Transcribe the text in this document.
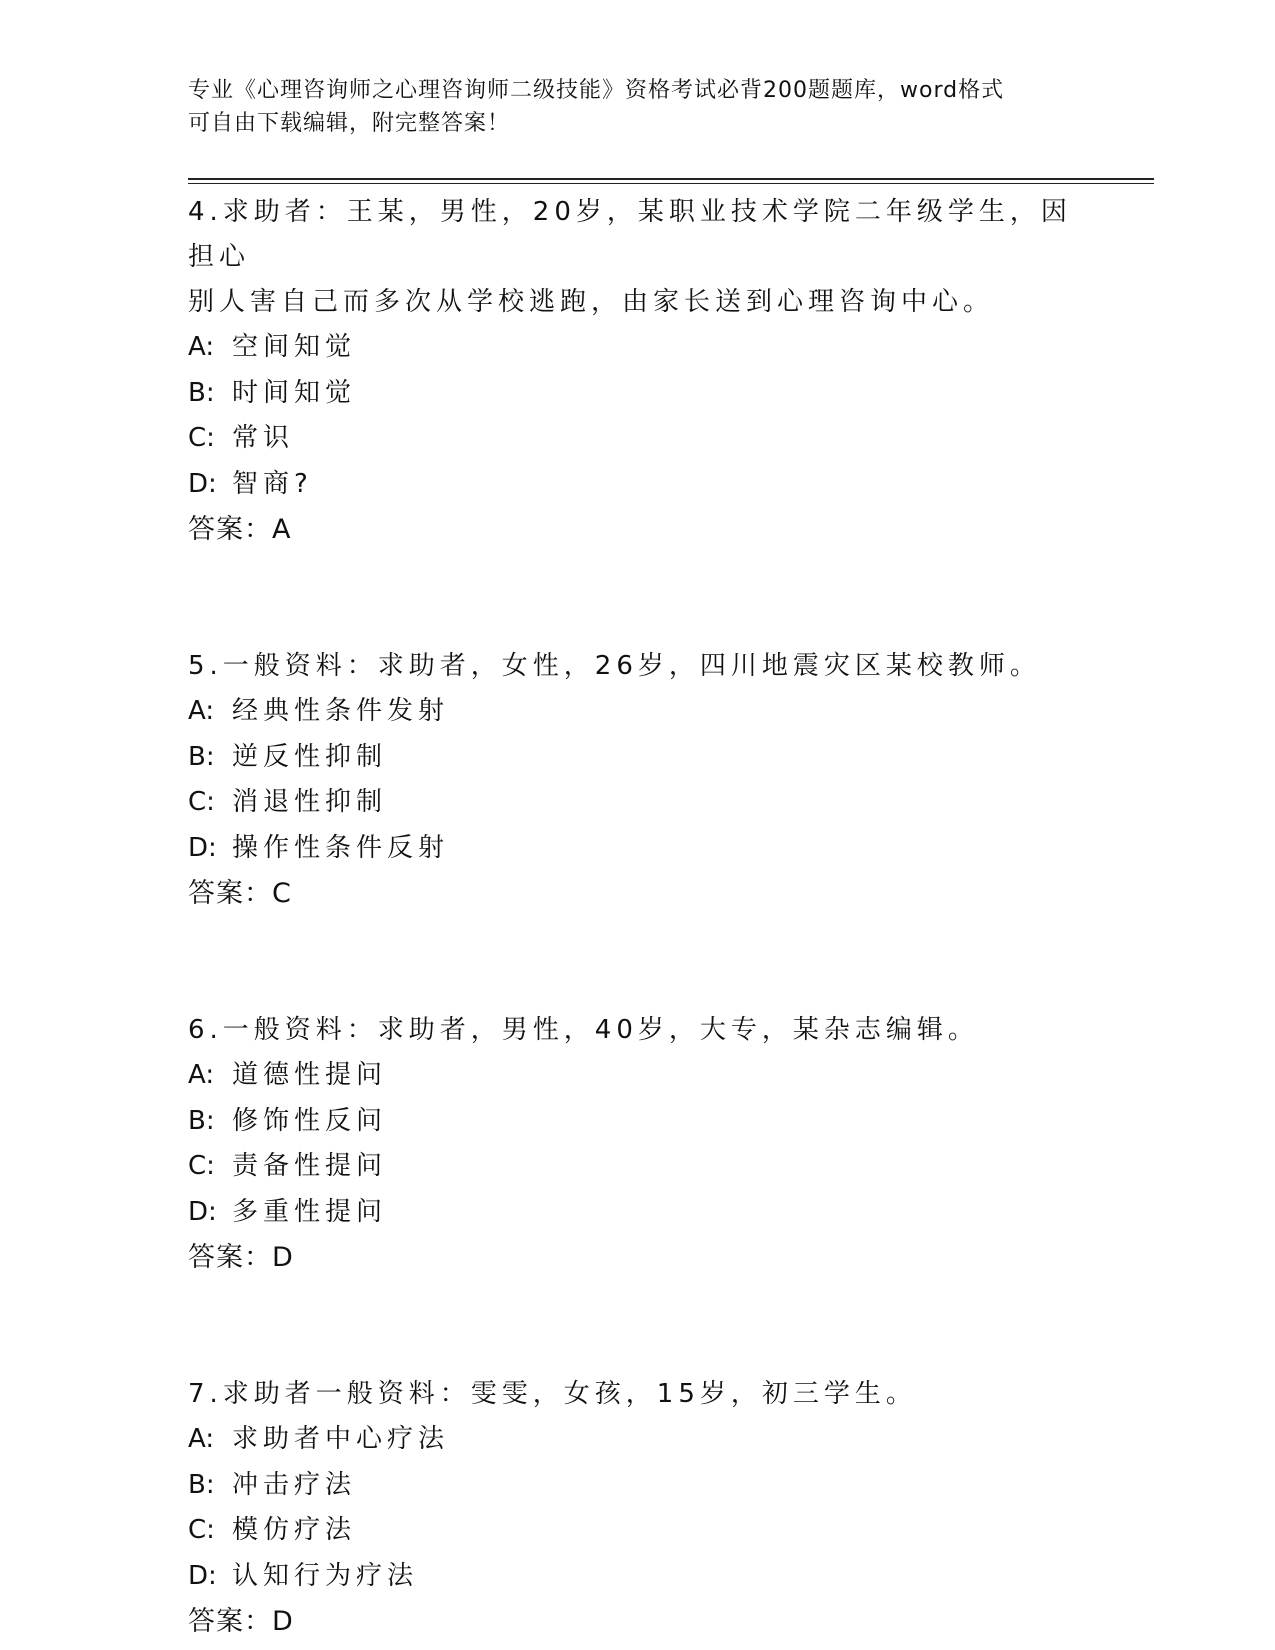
专业《心理咨询师之心理咨询师二级技能》资格考试必背200题题库，word格式
可自由下载编辑，附完整答案！
4.求助者：王某，男性，20岁，某职业技术学院二年级学生，因担心
别人害自己而多次从学校逃跑，由家长送到心理咨询中心。
A: 空间知觉
B: 时间知觉
C: 常识
D: 智商?
答案：A
5.一般资料：求助者，女性，26岁，四川地震灾区某校教师。
A: 经典性条件发射
B: 逆反性抑制
C: 消退性抑制
D: 操作性条件反射
答案：C
6.一般资料：求助者，男性，40岁，大专，某杂志编辑。
A: 道德性提问
B: 修饰性反问
C: 责备性提问
D: 多重性提问
答案：D
7.求助者一般资料：雯雯，女孩，15岁，初三学生。
A: 求助者中心疗法
B: 冲击疗法
C: 模仿疗法
D: 认知行为疗法
答案：D
